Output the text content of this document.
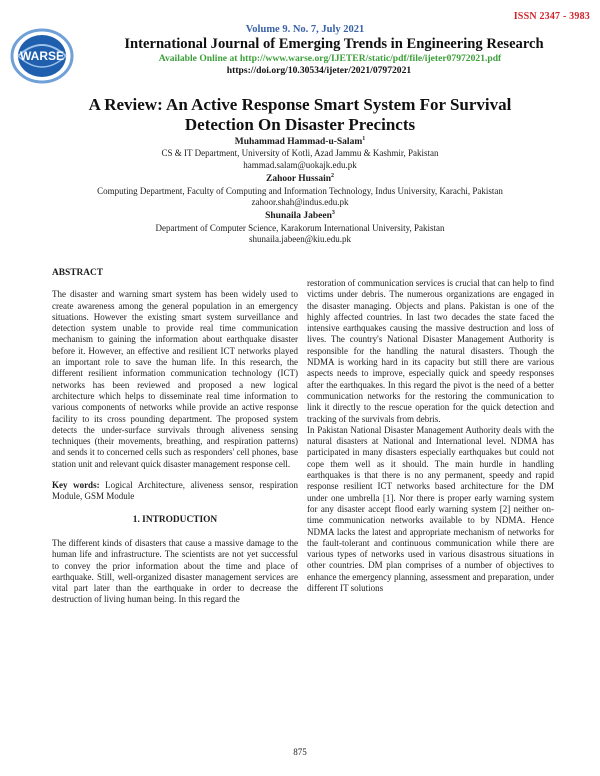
ISSN 2347 - 3983
WARSE
Volume 9. No. 7, July 2021
International Journal of Emerging Trends in Engineering Research
Available Online at http://www.warse.org/IJETER/static/pdf/file/ijeter07972021.pdf
https://doi.org/10.30534/ijeter/2021/07972021
A Review: An Active Response Smart System For Survival
Detection On Disaster Precincts
Muhammad Hammad-u-Salam$^1$
CS & IT Department, University of Kotli, Azad Jammu & Kashmir, Pakistan
hammad.salam@uokajk.edu.pk
Zahoor Hussain$^2$
Computing Department, Faculty of Computing and Information Technology, Indus University, Karachi, Pakistan
zahoor.shah@indus.edu.pk
Shunaila Jabeen$^3$
Department of Computer Science, Karakorum International University, Pakistan
shunaila.jabeen@kiu.edu.pk

ABSTRACT

The disaster and warning smart system has been widely used to create awareness among the general population in an emergency situations. However the existing smart system surveillance and detection system unable to provide real time communication mechanism to gaining the information about earthquake disaster before it. However, an effective and resilient ICT networks played an important role to save the human life. In this research, the different resilient information communication technology (ICT) networks has been reviewed and proposed a new logical architecture which helps to disseminate real time information to various components of networks while provide an active response facility to its cross pounding department. The proposed system detects the under-surface survivals through aliveness sensing techniques (their movements, breathing, and respiration patterns) and sends it to concerned cells such as responders' cell phones, base station unit and relevant quick disaster management response cell.

Key words: Logical Architecture, aliveness sensor, respiration Module, GSM Module

1. INTRODUCTION

The different kinds of disasters that cause a massive damage to the human life and infrastructure. The scientists are not yet successful to convey the prior information about the time and place of earthquake. Still, well-organized disaster management services are vital part later than the earthquake in order to decrease the destruction of living human being. In this regard the

restoration of communication services is crucial that can help to find victims under debris. The numerous organizations are engaged in the disaster managing. Objects and plans. Pakistan is one of the highly affected countries. In last two decades the state faced the intensive earthquakes causing the massive destruction and loss of lives. The country's National Disaster Management Authority is responsible for the handling the natural disasters. Though the NDMA is working hard in its capacity but still there are various aspects needs to improve, especially quick and speedy responses after the earthquakes. In this regard the pivot is the need of a better communication networks for the restoring the communication to link it directly to the rescue operation for the quick detection and tracking of the survivals from debris.

In Pakistan National Disaster Management Authority deals with the natural disasters at National and International level. NDMA has participated in many disasters especially earthquakes but could not cope them well as it should. The main hurdle in handling earthquakes is that there is no any permanent, speedy and rapid response resilient ICT networks based architecture for the DM under one umbrella [1]. Nor there is proper early warning system for any disaster accept flood early warning system [2] neither on-time communication networks available to by NDMA. Hence NDMA lacks the latest and appropriate mechanism of networks for the fault-tolerant and continuous communication while there are various types of networks used in various disastrous situations in other countries. DM plan comprises of a number of objectives to enhance the emergency planning, assessment and preparation, under different IT solutions

875
